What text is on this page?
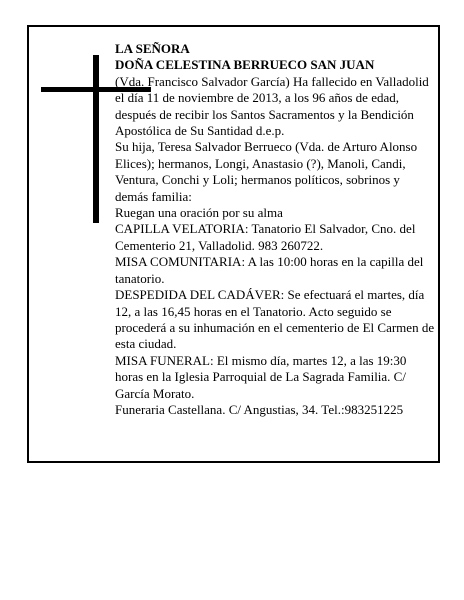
LA SEÑORA

DOÑA CELESTINA BERRUECO SAN JUAN

(Vda. Francisco Salvador García) Ha fallecido en Valladolid el día 11 de noviembre de 2013, a los 96 años de edad, después de recibir los Santos Sacramentos y la Bendición Apostólica de Su Santidad d.e.p.

Su hija, Teresa Salvador Berrueco (Vda. de Arturo Alonso Elices); hermanos, Longi, Anastasio (?), Manoli, Candi, Ventura, Conchi y Loli; hermanos políticos, sobrinos y demás familia:

Ruegan una oración por su alma

CAPILLA VELATORIA: Tanatorio El Salvador, Cno. del Cementerio 21, Valladolid. 983 260722.

MISA COMUNITARIA: A las 10:00 horas en la capilla del tanatorio.

DESPEDIDA DEL CADÁVER: Se efectuará el martes, día 12, a las 16,45 horas en el Tanatorio. Acto seguido se procederá a su inhumación en el cementerio de El Carmen de esta ciudad.

MISA FUNERAL: El mismo día, martes 12, a las 19:30 horas en la Iglesia Parroquial de La Sagrada Familia. C/ García Morato.

Funeraria Castellana. C/ Angustias, 34. Tel.:983251225
